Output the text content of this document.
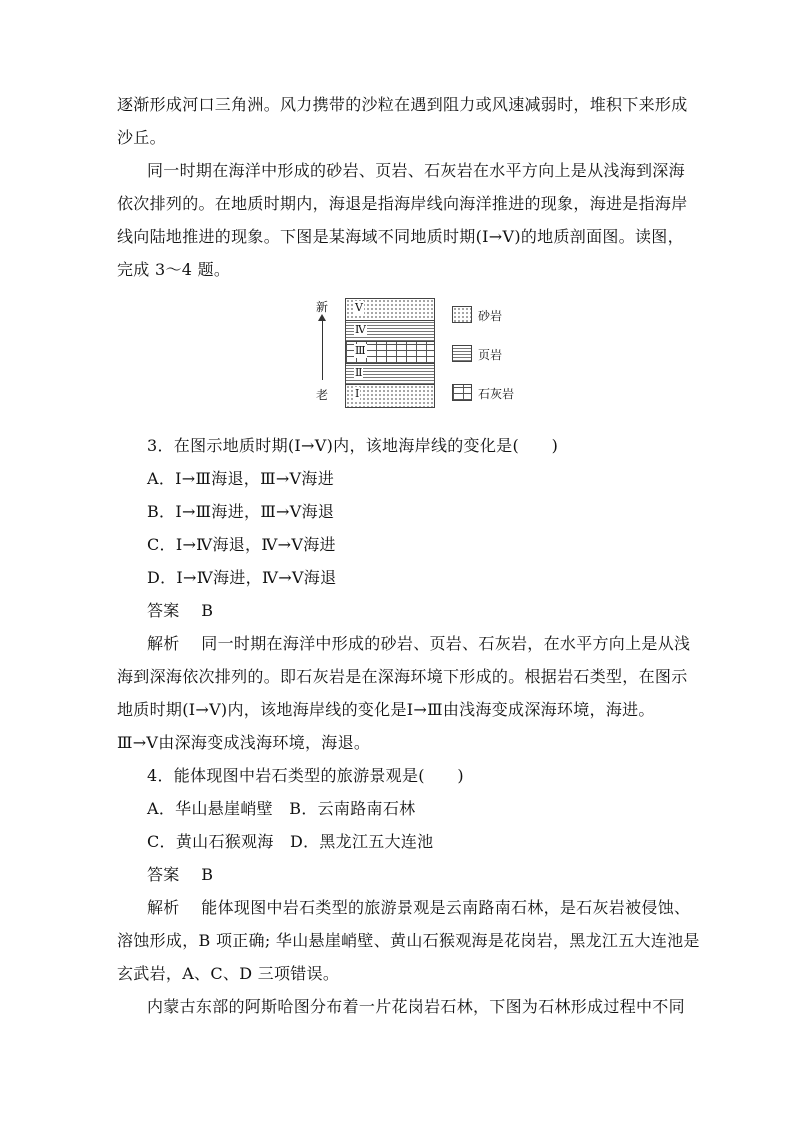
逐渐形成河口三角洲。风力携带的沙粒在遇到阻力或风速减弱时，堆积下来形成
沙丘。
同一时期在海洋中形成的砂岩、页岩、石灰岩在水平方向上是从浅海到深海
依次排列的。在地质时期内，海退是指海岸线向海洋推进的现象，海进是指海岸
线向陆地推进的现象。下图是某海域不同地质时期(Ⅰ→Ⅴ)的地质剖面图。读图，
完成 3～4 题。
新
老
Ⅴ
Ⅳ
Ⅲ
Ⅱ
Ⅰ
砂岩
页岩
石灰岩
3．在图示地质时期(Ⅰ→Ⅴ)内，该地海岸线的变化是(　　)
A．Ⅰ→Ⅲ海退，Ⅲ→Ⅴ海进
B．Ⅰ→Ⅲ海进，Ⅲ→Ⅴ海退
C．Ⅰ→Ⅳ海退，Ⅳ→Ⅴ海进
D．Ⅰ→Ⅳ海进，Ⅳ→Ⅴ海退
答案　 B
解析　 同一时期在海洋中形成的砂岩、页岩、石灰岩，在水平方向上是从浅
海到深海依次排列的。即石灰岩是在深海环境下形成的。根据岩石类型，在图示
地质时期(Ⅰ→Ⅴ)内，该地海岸线的变化是Ⅰ→Ⅲ由浅海变成深海环境，海进。
Ⅲ→Ⅴ由深海变成浅海环境，海退。
4．能体现图中岩石类型的旅游景观是(　　)
A．华山悬崖峭壁　B．云南路南石林
C．黄山石猴观海　D．黑龙江五大连池
答案　 B
解析　 能体现图中岩石类型的旅游景观是云南路南石林，是石灰岩被侵蚀、
溶蚀形成，B 项正确; 华山悬崖峭壁、黄山石猴观海是花岗岩，黑龙江五大连池是
玄武岩，A、C、D 三项错误。
内蒙古东部的阿斯哈图分布着一片花岗岩石林，下图为石林形成过程中不同
